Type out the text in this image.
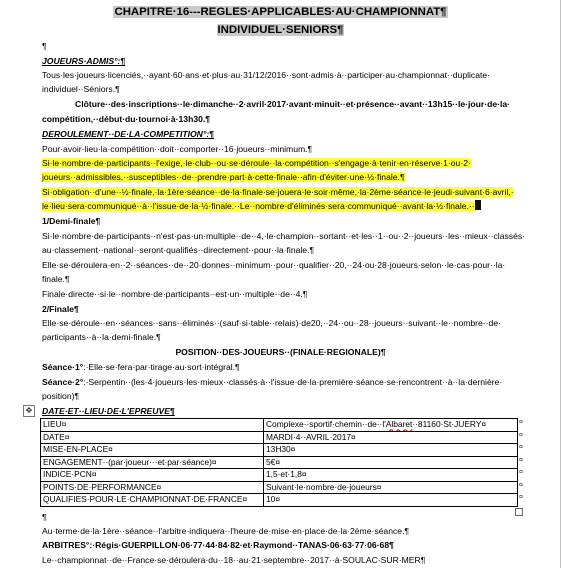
CHAPITRE·16---REGLES·APPLICABLES·AU·CHAMPIONNAT¶
INDIVIDUEL·SENIORS¶
¶
JOUEURS·ADMIS°:¶
Tous·les·joueurs·licenciés,··ayant·60·ans·et·plus·au·31/12/2016··sont·admis·à··participer·au·championnat··duplicate·
individuel··Séniors.¶
Clôture··des·inscriptions··le·dimanche··2·avril·2017·avant·minuit··et·présence··avant··13h15··le·jour·de·la·
compétition,··début·du·tournoi·à·13h30.¶
DEROULEMENT··DE·LA·COMPETITION°:¶
Pour·avoir·lieu·la·compétition··doit··comporter··16·joueurs··minimum.¶
Si·le·nombre·de·participants··l'exige,·le·club··ou·se·déroule··la·compétition··s'engage·à·tenir·en·réserve·1·ou·2·
joueurs··admissibles,··susceptibles··de··prendre·part·à·cette·finale··afin·d'éviter·une·½·finale.¶
Si·obligation··d'une··½·finale,·la·1ère·séance··de·la·finale·se·jouera·le·soir·même,·la·2ème·séance·le·jeudi·suivant·6·avril,·
le·lieu·sera·communiqué··à··l'issue·de·la·½·finale.··Le··nombre·d'éliminés·sera·communiqué··avant·la·½·finale.··
1/Demi-finale¶
Si·le·nombre·de·participants··n'est·pas·un·multiple··de··4,·le·champion··sortant··et·les··1··ou··2··joueurs··les··mieux··classés·
au·classement··national··seront·qualifiés··directement··pour··la·finale.¶
Elle·se·déroulera·en··2··séances··de··20·donnes··minimum··pour··qualifier··20,··24·ou·28·joueurs·selon··le·cas·pour··la·
finale.¶
Finale·directe··si·le··nombre·de·participants··est·un··multiple··de··4.¶
2/Finale¶
Elle·se·déroule··en··séances··sans··éliminés··(sauf·si·table··relais)·de20,··24··ou··28··joueurs··suivant··le··nombre··de·
participants··à··la·demi-finale.¶
POSITION··DES·JOUEURS··(FINALE·REGIONALE)¶
Séance·1°:·Elle·se·fera·par·tirage·au·sort·intégral.¶
Séance·2°:·Serpentin··(les·4·joueurs·les·mieux··classés·à··l'issue·de·la·première·séance·se·rencontrent··à··la·dernière·
position)¶
✥	DATE·ET··LIEU·DE·L'EPREUVE¶
LIEU¤	Complexe··sportif·chemin··de··l'Albaret··81160·St·JUERY¤
DATE¤	MARDI·4··AVRIL·2017¤
MISE-EN-PLACE¤	13H30¤
ENGAGEMENT··(par·joueur···et·par·séance)¤	5€¤
INDICE·PCN¤	1,5·et·1,8¤
POINTS·DE·PERFORMANCE¤	Suivant·le·nombre·de·joueurs¤
QUALIFIES·POUR·LE·CHAMPIONNAT·DE·FRANCE¤	10¤
¶
Au·terme·de·la·1ère··séance··l'arbitre·indiquera··l'heure·de·mise·en·place·de·la·2ème·séance.¶
ARBITRES°:·Régis·GUERPILLON·06·77·44·84·82·et·Raymond··TANAS·06·63·77·06·68¶
Le··championnat··de··France·se·déroulera·du··18··au·21·septembre··2017··à·SOULAC·SUR·MER¶
¤
¤
¤
¤
¤
¤
¤
